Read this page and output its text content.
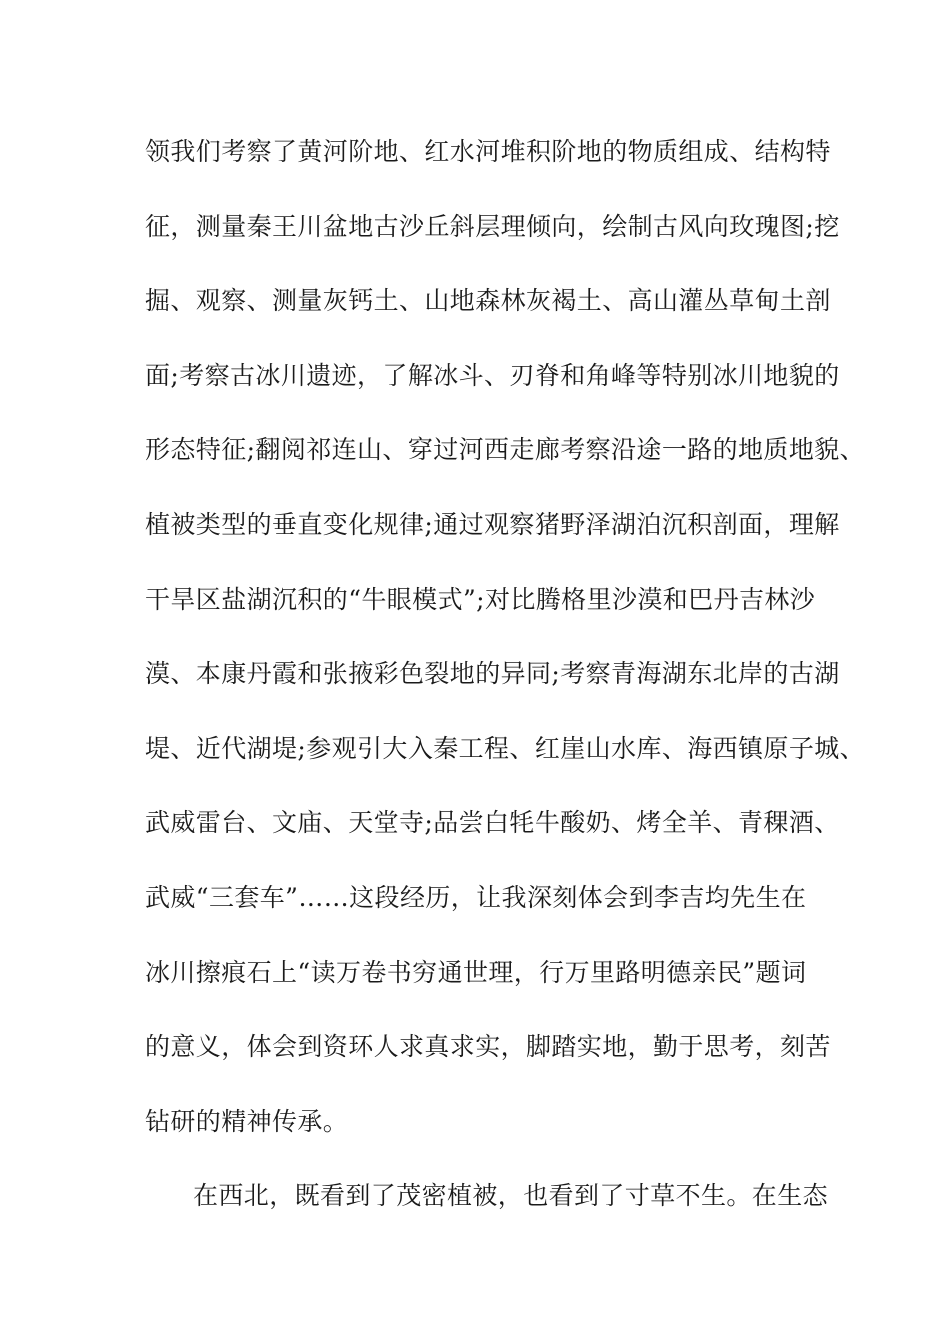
领我们考察了黄河阶地、红水河堆积阶地的物质组成、结构特
征，测量秦王川盆地古沙丘斜层理倾向，绘制古风向玫瑰图;挖
掘、观察、测量灰钙土、山地森林灰褐土、高山灌丛草甸土剖
面;考察古冰川遗迹，了解冰斗、刃脊和角峰等特别冰川地貌的
形态特征;翻阅祁连山、穿过河西走廊考察沿途一路的地质地貌、
植被类型的垂直变化规律;通过观察猪野泽湖泊沉积剖面，理解
干旱区盐湖沉积的“牛眼模式”;对比腾格里沙漠和巴丹吉林沙
漠、本康丹霞和张掖彩色裂地的异同;考察青海湖东北岸的古湖
堤、近代湖堤;参观引大入秦工程、红崖山水库、海西镇原子城、
武威雷台、文庙、天堂寺;品尝白牦牛酸奶、烤全羊、青稞酒、
武威“三套车”……这段经历，让我深刻体会到李吉均先生在
冰川擦痕石上“读万卷书穷通世理，行万里路明德亲民”题词
的意义，体会到资环人求真求实，脚踏实地，勤于思考，刻苦
钻研的精神传承。
在西北，既看到了茂密植被，也看到了寸草不生。在生态
